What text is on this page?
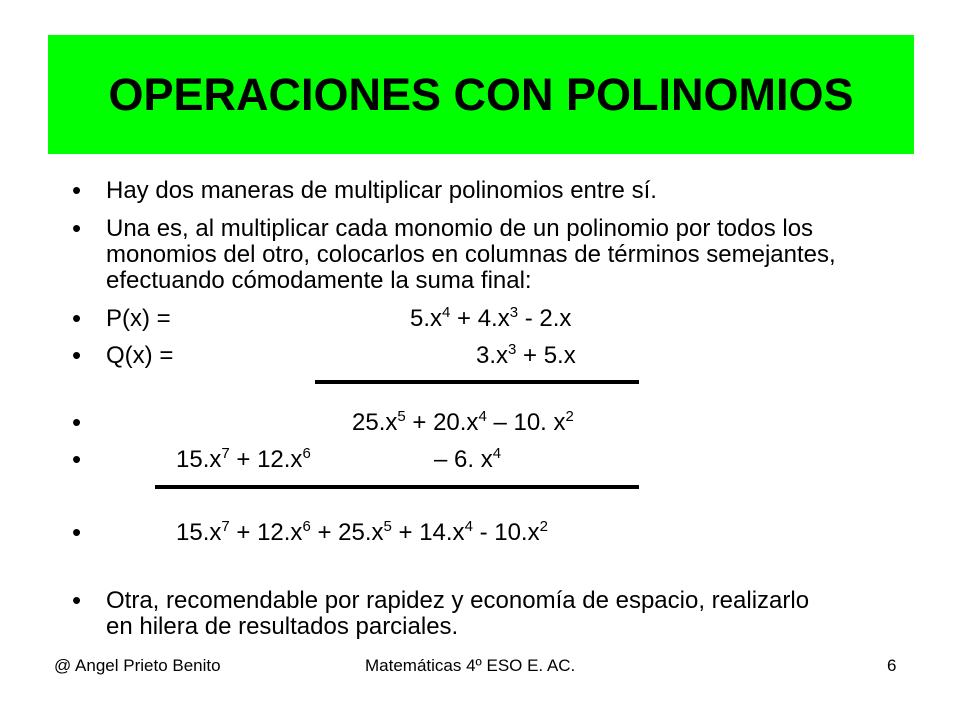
OPERACIONES CON POLINOMIOS
• Hay dos maneras de multiplicar polinomios entre sí.
• Una es, al multiplicar cada monomio de un polinomio por todos los monomios del otro, colocarlos en columnas de términos semejantes, efectuando cómodamente la suma final:
• P(x) =	$5.x^4 + 4.x^3 - 2.x$
• Q(x) =	$3.x^3 + 5.x$
•	$25.x^5 + 20.x^4 - 10$. $x^2$
•	$15.x^7 + 12.x^6$	– 6. $x^4$
•	$15.x^7 + 12.x^6 + 25.x^5 + 14.x^4 - 10.x^2$
• Otra, recomendable por rapidez y economía de espacio, realizarlo en hilera de resultados parciales.
@ Angel Prieto Benito	Matemáticas 4º ESO E. AC.	6
